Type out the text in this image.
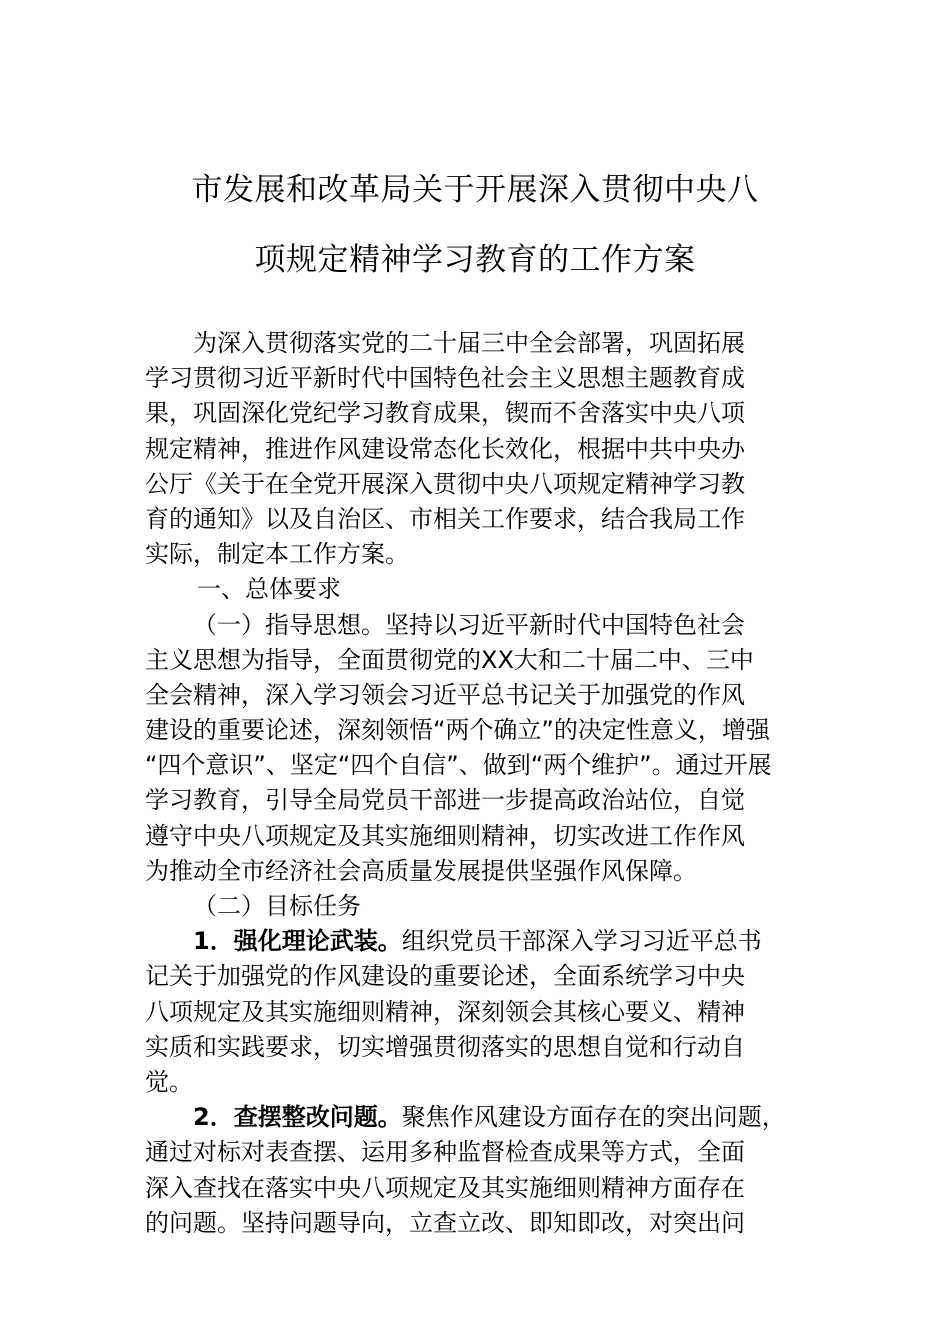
市发展和改革局关于开展深入贯彻中央八
项规定精神学习教育的工作方案
为深入贯彻落实党的二十届三中全会部署，巩固拓展
学习贯彻习近平新时代中国特色社会主义思想主题教育成
果，巩固深化党纪学习教育成果，锲而不舍落实中央八项
规定精神，推进作风建设常态化长效化，根据中共中央办
公厅《关于在全党开展深入贯彻中央八项规定精神学习教
育的通知》以及自治区、市相关工作要求，结合我局工作
实际，制定本工作方案。
一、总体要求
（一）指导思想。坚持以习近平新时代中国特色社会
主义思想为指导，全面贯彻党的XX大和二十届二中、三中
全会精神，深入学习领会习近平总书记关于加强党的作风
建设的重要论述，深刻领悟“两个确立”的决定性意义，增强
“四个意识”、坚定“四个自信”、做到“两个维护”。通过开展
学习教育，引导全局党员干部进一步提高政治站位，自觉
遵守中央八项规定及其实施细则精神，切实改进工作作风
为推动全市经济社会高质量发展提供坚强作风保障。
（二）目标任务
1．强化理论武装。组织党员干部深入学习习近平总书
记关于加强党的作风建设的重要论述，全面系统学习中央
八项规定及其实施细则精神，深刻领会其核心要义、精神
实质和实践要求，切实增强贯彻落实的思想自觉和行动自
觉。
2．查摆整改问题。聚焦作风建设方面存在的突出问题，
通过对标对表查摆、运用多种监督检查成果等方式，全面
深入查找在落实中央八项规定及其实施细则精神方面存在
的问题。坚持问题导向，立查立改、即知即改，对突出问
